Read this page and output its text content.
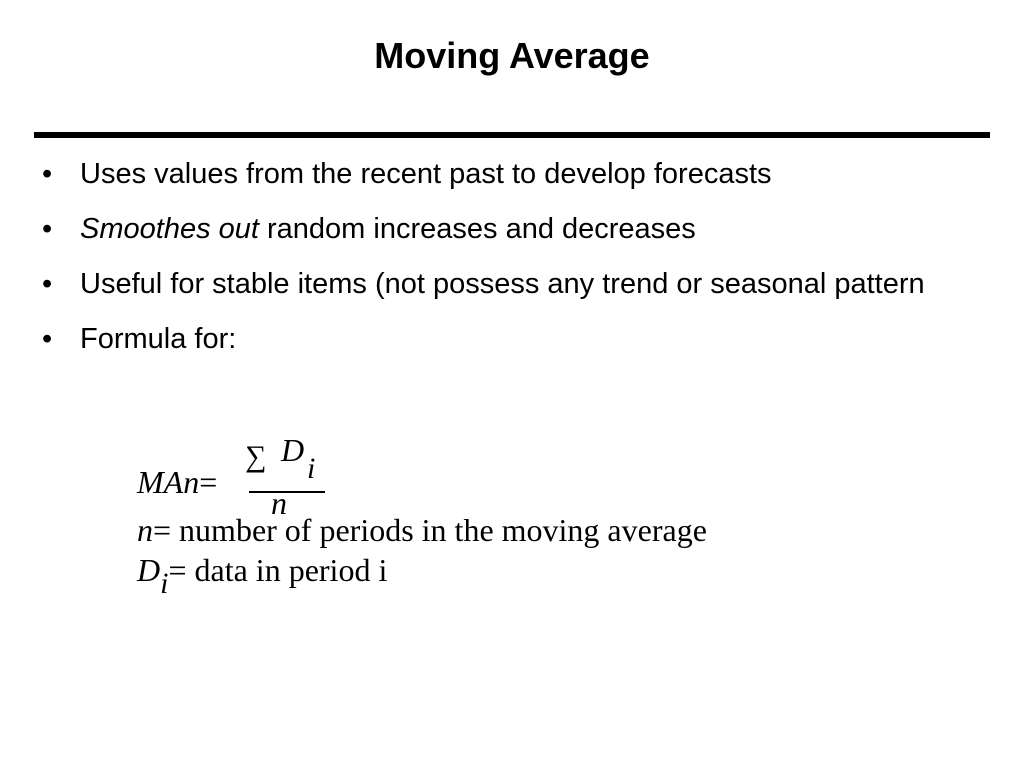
Moving Average
• Uses values from the recent past to develop forecasts
• Smoothes out random increases and decreases
• Useful for stable items (not possess any trend or seasonal pattern
• Formula for:
MAn=
∑ D
i
n
n= number of periods in the moving average
Di= data in period i
